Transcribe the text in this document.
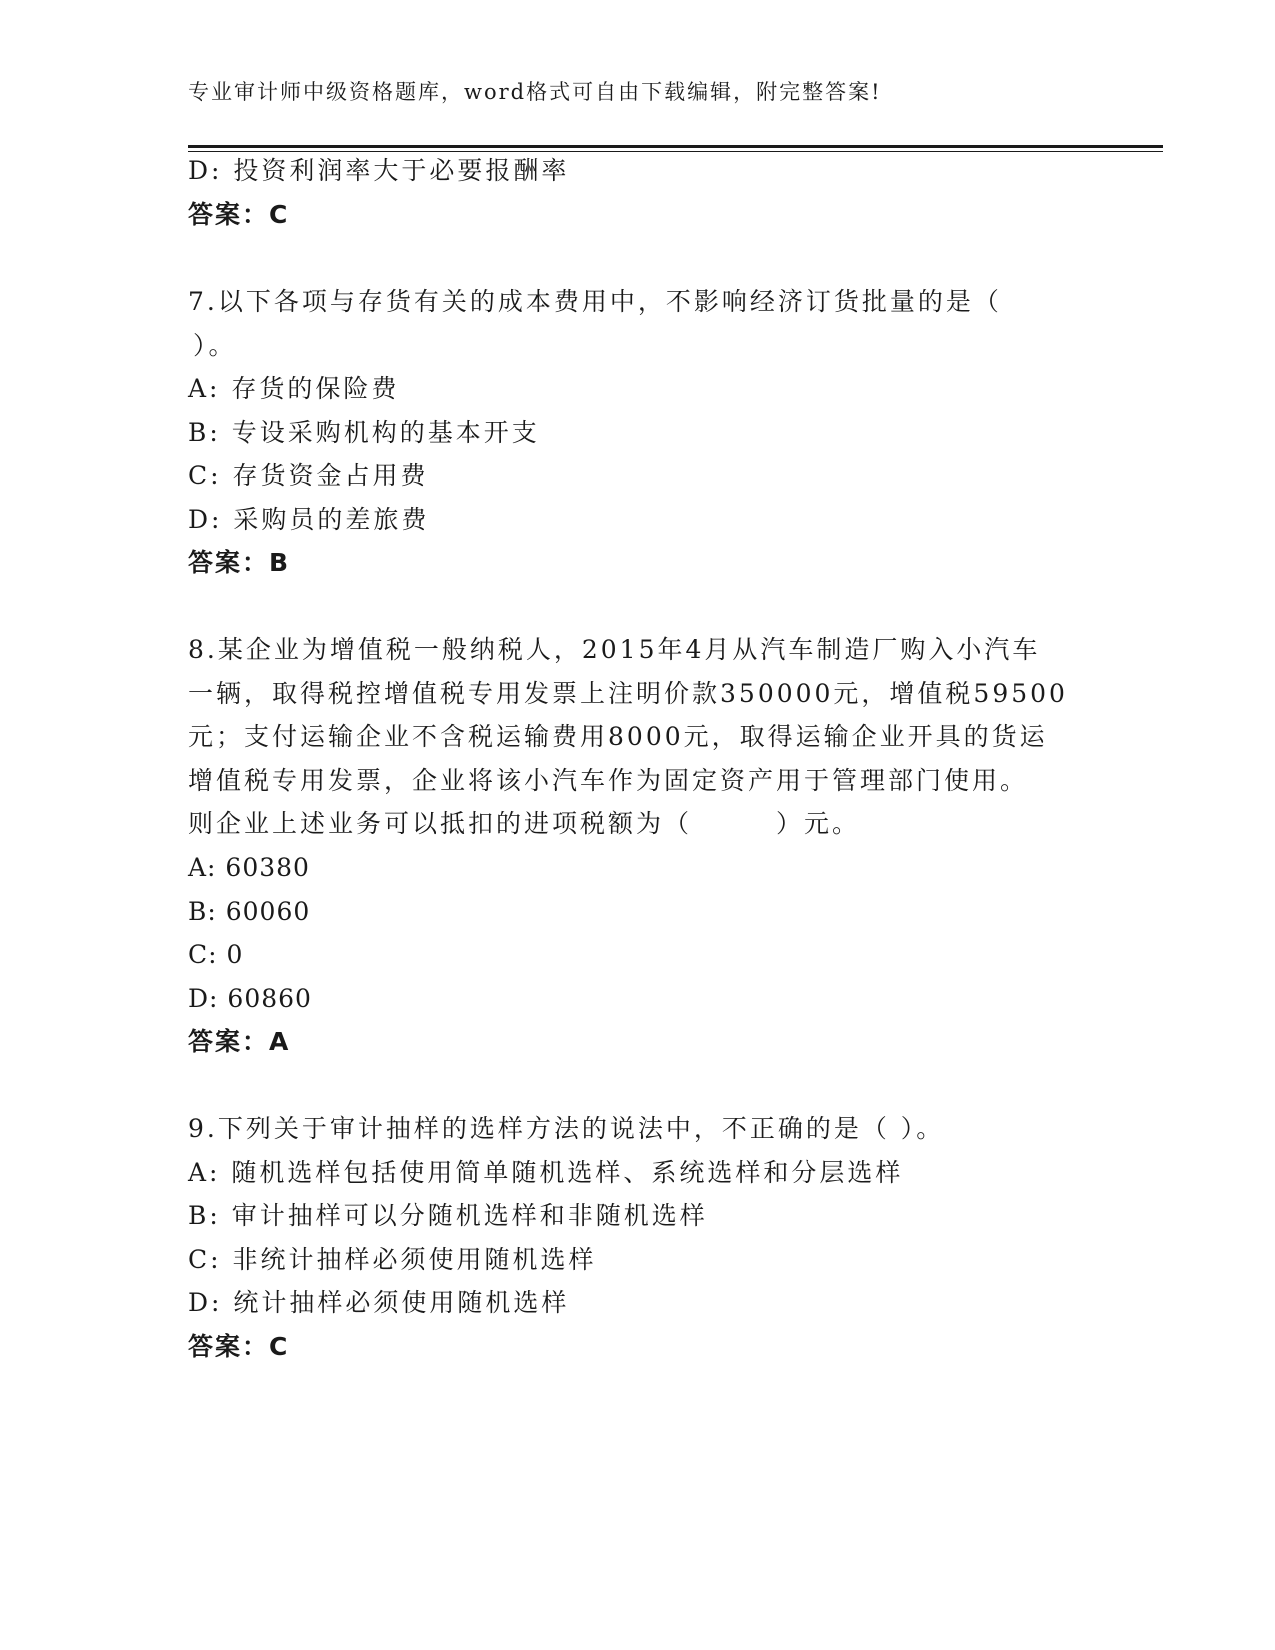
专业审计师中级资格题库，word格式可自由下载编辑，附完整答案!
D: 投资利润率大于必要报酬率
答案：C
7.以下各项与存货有关的成本费用中，不影响经济订货批量的是（
）。
A: 存货的保险费
B: 专设采购机构的基本开支
C: 存货资金占用费
D: 采购员的差旅费
答案：B
8.某企业为增值税一般纳税人，2015年4月从汽车制造厂购入小汽车
一辆，取得税控增值税专用发票上注明价款350000元，增值税59500
元；支付运输企业不含税运输费用8000元，取得运输企业开具的货运
增值税专用发票，企业将该小汽车作为固定资产用于管理部门使用。
则企业上述业务可以抵扣的进项税额为（　　　）元。
A: 60380
B: 60060
C: 0
D: 60860
答案：A
9.下列关于审计抽样的选样方法的说法中，不正确的是（ ）。
A: 随机选样包括使用简单随机选样、系统选样和分层选样
B: 审计抽样可以分随机选样和非随机选样
C: 非统计抽样必须使用随机选样
D: 统计抽样必须使用随机选样
答案：C
